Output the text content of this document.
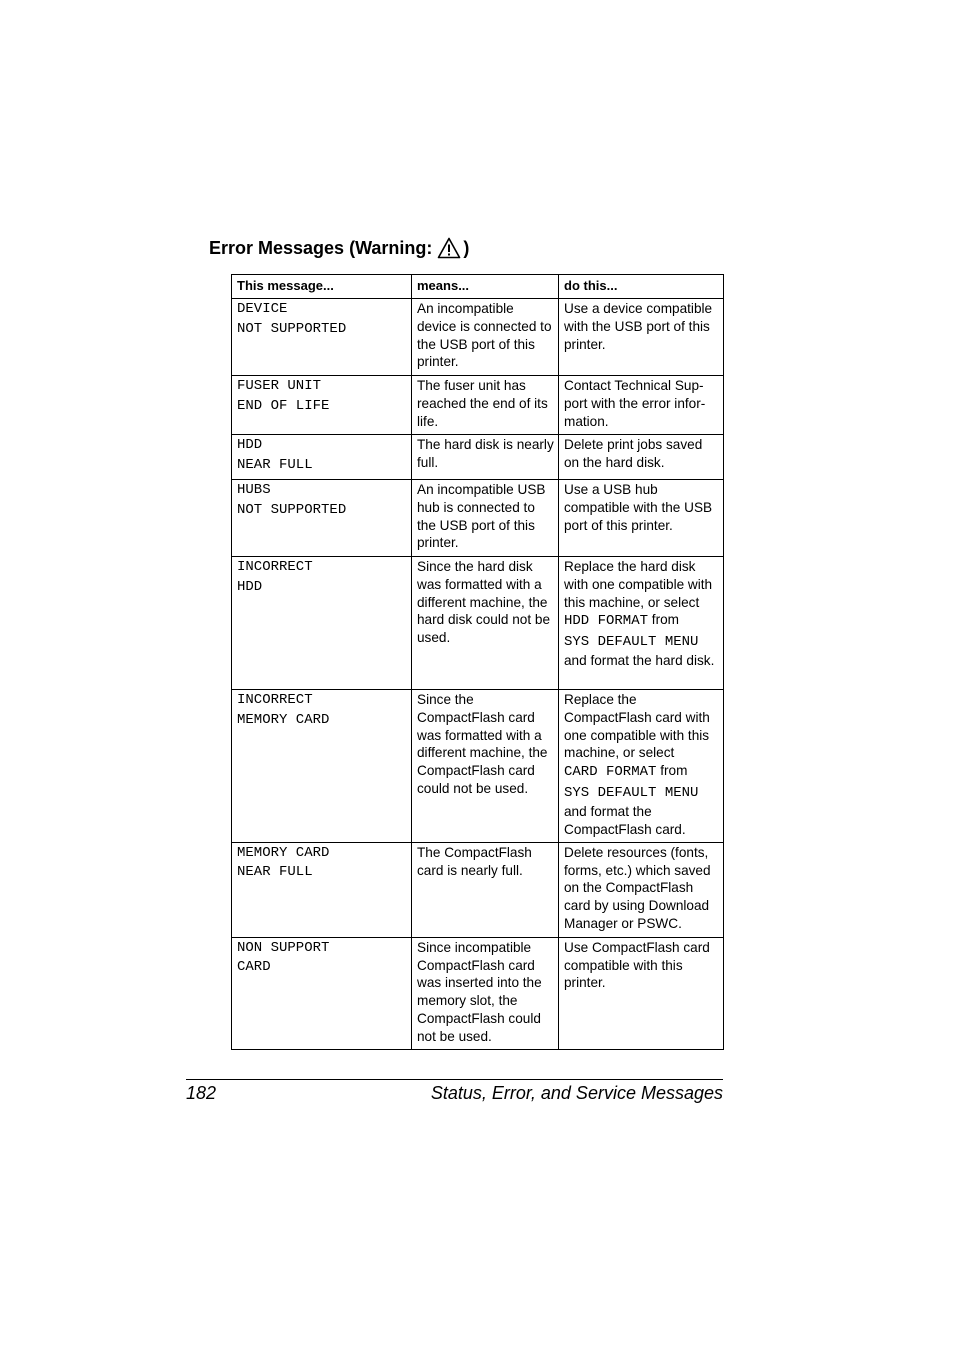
Error Messages (Warning: )
This message...	means...	do this...

DEVICE
NOT SUPPORTED	An incompatible device is connected to the USB port of this printer.	Use a device compatible with the USB port of this printer.

FUSER UNIT
END OF LIFE	The fuser unit has reached the end of its life.	Contact Technical Sup-port with the error infor-mation.

HDD
NEAR FULL	The hard disk is nearly full.	Delete print jobs saved on the hard disk.

HUBS
NOT SUPPORTED	An incompatible USB hub is connected to the USB port of this printer.	Use a USB hub compatible with the USB port of this printer.

INCORRECT
HDD	Since the hard disk was formatted with a different machine, the hard disk could not be used.	Replace the hard disk with one compatible with this machine, or select
HDD FORMAT from
SYS DEFAULT MENU
and format the hard disk.

INCORRECT
MEMORY CARD	Since the CompactFlash card was formatted with a different machine, the CompactFlash card could not be used.	Replace the CompactFlash card with one compatible with this machine, or select
CARD FORMAT from
SYS DEFAULT MENU
and format the CompactFlash card.

MEMORY CARD
NEAR FULL	The CompactFlash card is nearly full.	Delete resources (fonts, forms, etc.) which saved on the CompactFlash card by using Download Manager or PSWC.

NON SUPPORT
CARD	Since incompatible CompactFlash card was inserted into the memory slot, the CompactFlash could not be used.	Use CompactFlash card compatible with this printer.
182	Status, Error, and Service Messages
